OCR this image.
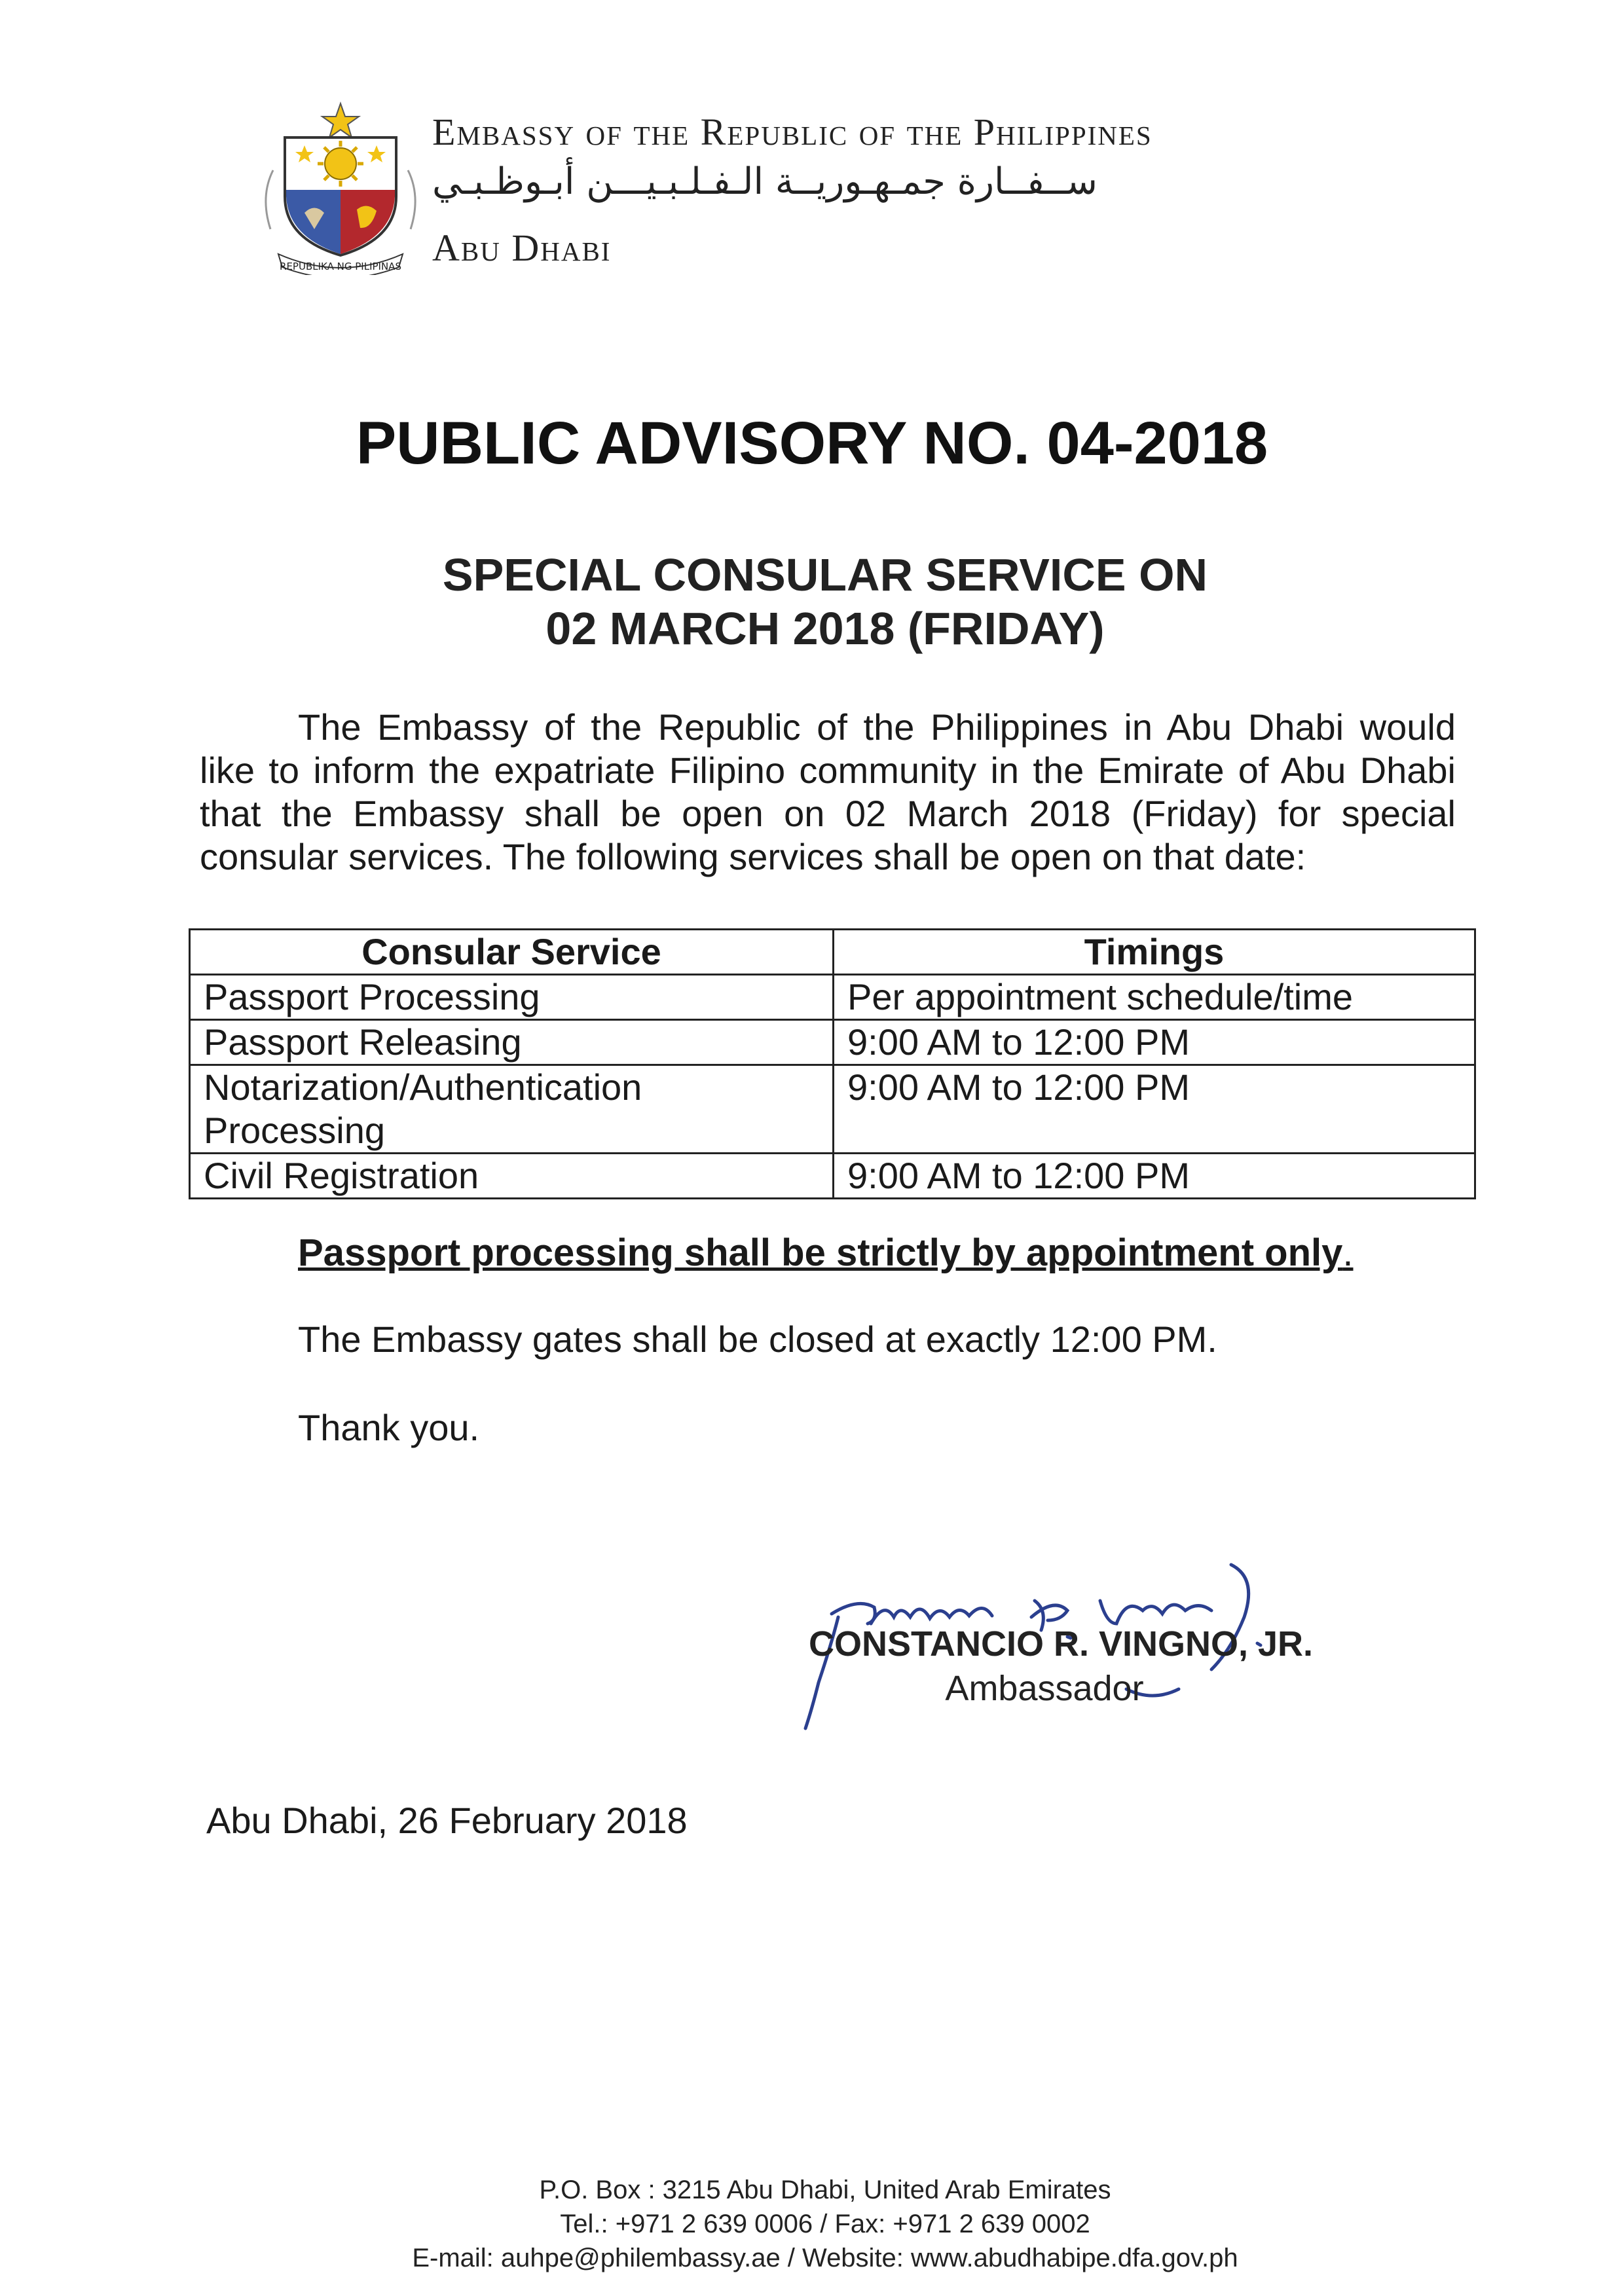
REPUBLIKA NG PILIPINAS
Embassy of the Republic of the Philippines
ســفــارة جمـهـوريــة الـفـلـبـيـــن أبـوظـبـي
Abu Dhabi
PUBLIC ADVISORY NO. 04-2018
SPECIAL CONSULAR SERVICE ON
02 MARCH 2018 (FRIDAY)
The Embassy of the Republic of the Philippines in Abu Dhabi would like to inform the expatriate Filipino community in the Emirate of Abu Dhabi that the Embassy shall be open on 02 March 2018 (Friday) for special consular services. The following services shall be open on that date:
Consular Service	Timings
Passport Processing	Per appointment schedule/time
Passport Releasing	9:00 AM to 12:00 PM
Notarization/Authentication Processing	9:00 AM to 12:00 PM
Civil Registration	9:00 AM to 12:00 PM
Passport processing shall be strictly by appointment only.
The Embassy gates shall be closed at exactly 12:00 PM.
Thank you.
Constancio R. Vingno
CONSTANCIO R. VINGNO, JR.
Ambassador
Abu Dhabi, 26 February 2018
P.O. Box : 3215 Abu Dhabi, United Arab Emirates
Tel.: +971 2 639 0006 / Fax: +971 2 639 0002
E-mail: auhpe@philembassy.ae / Website: www.abudhabipe.dfa.gov.ph
